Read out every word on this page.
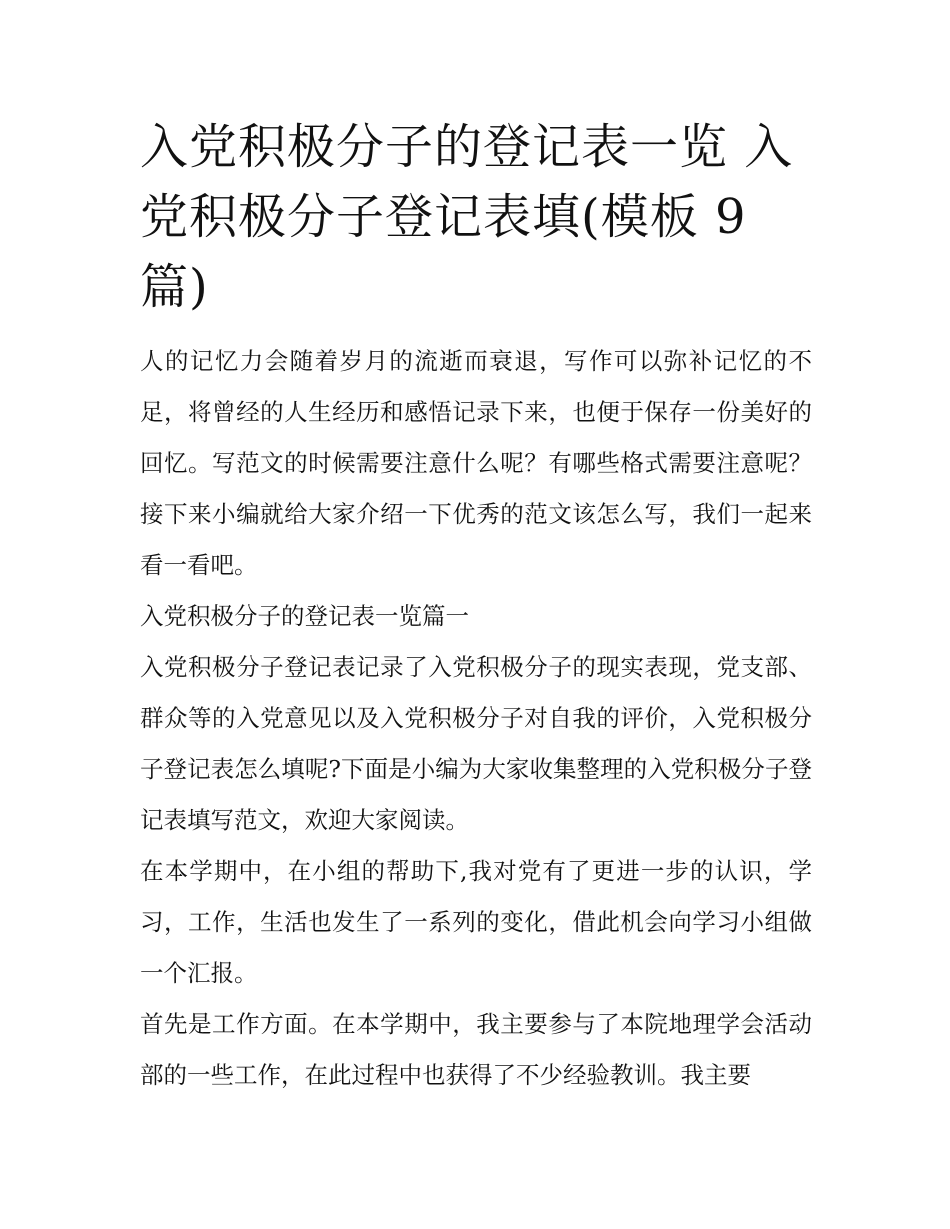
入党积极分子的登记表一览 入党积极分子登记表填(模板 9 篇)

人的记忆力会随着岁月的流逝而衰退，写作可以弥补记忆的不足，将曾经的人生经历和感悟记录下来，也便于保存一份美好的回忆。写范文的时候需要注意什么呢？有哪些格式需要注意呢？接下来小编就给大家介绍一下优秀的范文该怎么写，我们一起来看一看吧。

入党积极分子的登记表一览篇一

入党积极分子登记表记录了入党积极分子的现实表现，党支部、群众等的入党意见以及入党积极分子对自我的评价，入党积极分子登记表怎么填呢?下面是小编为大家收集整理的入党积极分子登记表填写范文，欢迎大家阅读。

在本学期中，在小组的帮助下,我对党有了更进一步的认识，学习，工作，生活也发生了一系列的变化，借此机会向学习小组做一个汇报。

首先是工作方面。在本学期中，我主要参与了本院地理学会活动部的一些工作，在此过程中也获得了不少经验教训。我主要
